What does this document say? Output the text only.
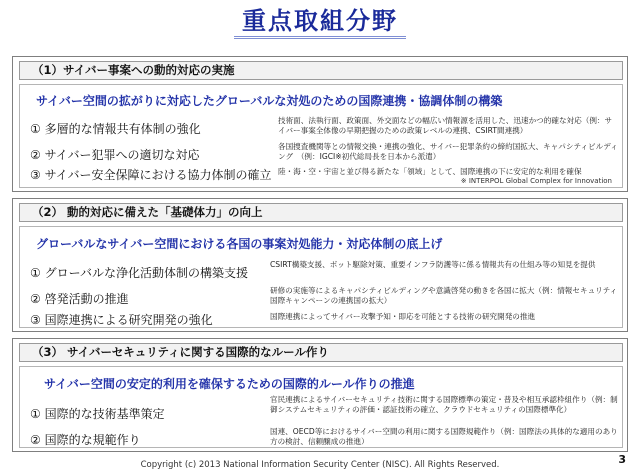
重点取組分野
（1）サイバー事案への動的対応の実施
サイバー空間の拡がりに対応したグローバルな対処のための国際連携・協調体制の構築
① 多層的な情報共有体制の強化
技術面、法執行面、政策面、外交面などの幅広い情報源を活用した、迅速かつ的確な対応（例：サイバー事案全体像の早期把握のための政策レベルの連携、CSIRT間連携）
② サイバー犯罪への適切な対応
各国捜査機関等との情報交換・連携の強化、サイバー犯罪条約の締約国拡大、キャパシティビルディング　（例：IGCI※初代総局長を日本から派遣）
③ サイバー安全保障における協力体制の確立 陸・海・空・宇宙と並び得る新たな「領域」として、国際連携の下に安定的な利用を確保
※ INTERPOL Global Complex for Innovation
（2） 動的対応に備えた「基礎体力」の向上
グローバルなサイバー空間における各国の事案対処能力・対応体制の底上げ
① グローバルな浄化活動体制の構築支援
CSIRT構築支援、ボット駆除対策、重要インフラ防護等に係る情報共有の仕組み等の知見を提供
② 啓発活動の推進
研修の実施等によるキャパシティビルディングや意識啓発の動きを各国に拡大（例：情報セキュリティ国際キャンペーンの連携国の拡大）
③ 国際連携による研究開発の強化	国際連携によってサイバー攻撃予知・即応を可能とする技術の研究開発の推進
（3） サイバーセキュリティに関する国際的なルール作り
サイバー空間の安定的利用を確保するための国際的ルール作りの推進
① 国際的な技術基準策定
官民連携によるサイバーセキュリティ技術に関する国際標準の策定・普及や相互承認枠組作り（例：制御システムセキュリティの評価・認証技術の確立、クラウドセキュリティの国際標準化）
② 国際的な規範作り
国連、OECD等におけるサイバー空間の利用に関する国際規範作り（例：国際法の具体的な適用のあり方の検討、信頼醸成の推進）
Copyright (c) 2013 National Information Security Center (NISC). All Rights Reserved.	3
